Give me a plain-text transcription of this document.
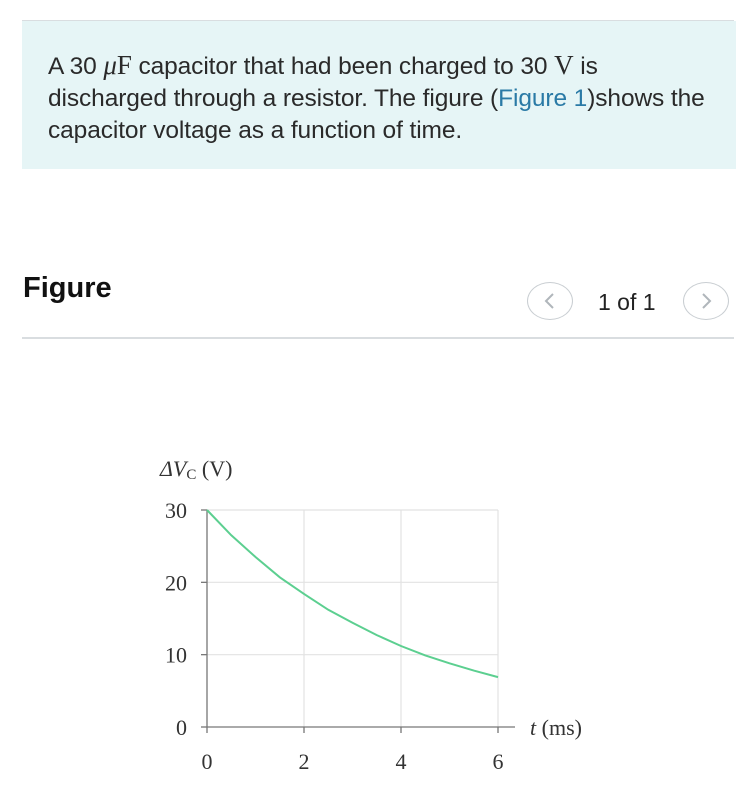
A 30 μF capacitor that had been charged to 30 V is discharged through a resistor. The figure (Figure 1)shows the capacitor voltage as a function of time.
Figure	1 of 1
0
10
20
30
0	2	4	6
ΔVC (V)
t (ms)
